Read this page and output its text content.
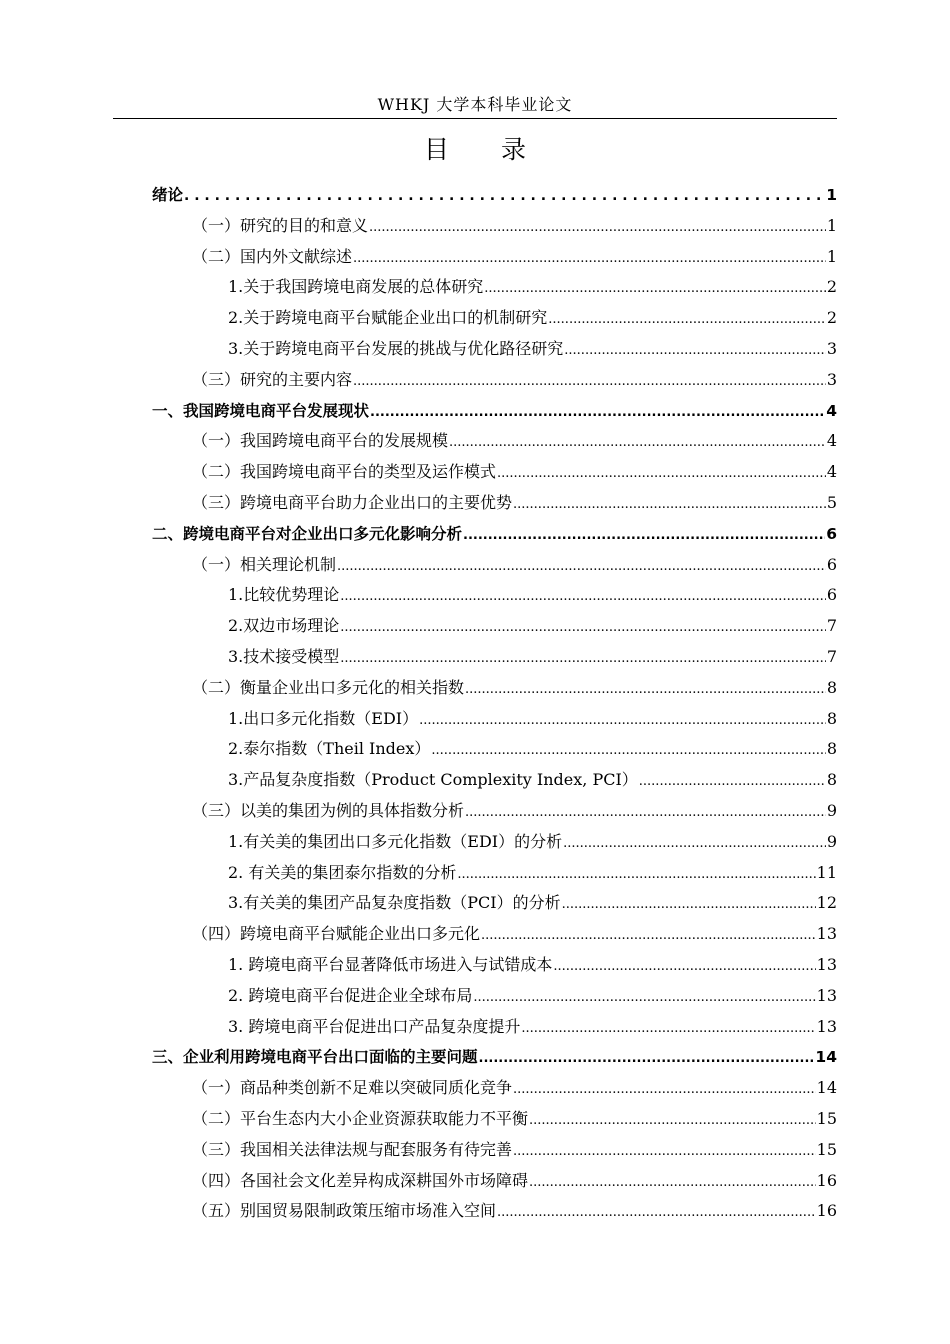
WHKJ 大学本科毕业论文
目 录
绪论 . . .	1
（一）研究的目的和意义 .....	1
（二）国内外文献综述 .....	1
1.关于我国跨境电商发展的总体研究 .....	2
2.关于跨境电商平台赋能企业出口的机制研究 .....	2
3.关于跨境电商平台发展的挑战与优化路径研究 .....	3
（三）研究的主要内容 .....	3
一、我国跨境电商平台发展现状 .....	4
（一）我国跨境电商平台的发展规模 .....	4
（二）我国跨境电商平台的类型及运作模式 .....	4
（三）跨境电商平台助力企业出口的主要优势 .....	5
二、跨境电商平台对企业出口多元化影响分析 .....	6
（一）相关理论机制 .....	6
1.比较优势理论 .....	6
2.双边市场理论 .....	7
3.技术接受模型 .....	7
（二）衡量企业出口多元化的相关指数 .....	8
1.出口多元化指数（EDI） .....	8
2.泰尔指数（Theil Index） .....	8
3.产品复杂度指数（Product Complexity Index, PCI） .....	8
（三）以美的集团为例的具体指数分析 .....	9
1.有关美的集团出口多元化指数（EDI）的分析 .....	9
2. 有关美的集团泰尔指数的分析 .....	11
3.有关美的集团产品复杂度指数（PCI）的分析 .....	12
（四）跨境电商平台赋能企业出口多元化 .....	13
1. 跨境电商平台显著降低市场进入与试错成本 .....	13
2. 跨境电商平台促进企业全球布局 .....	13
3. 跨境电商平台促进出口产品复杂度提升 .....	13
三、企业利用跨境电商平台出口面临的主要问题 .....	14
（一）商品种类创新不足难以突破同质化竞争 .....	14
（二）平台生态内大小企业资源获取能力不平衡 .....	15
（三）我国相关法律法规与配套服务有待完善 .....	15
（四）各国社会文化差异构成深耕国外市场障碍 .....	16
（五）别国贸易限制政策压缩市场准入空间 .....	16
